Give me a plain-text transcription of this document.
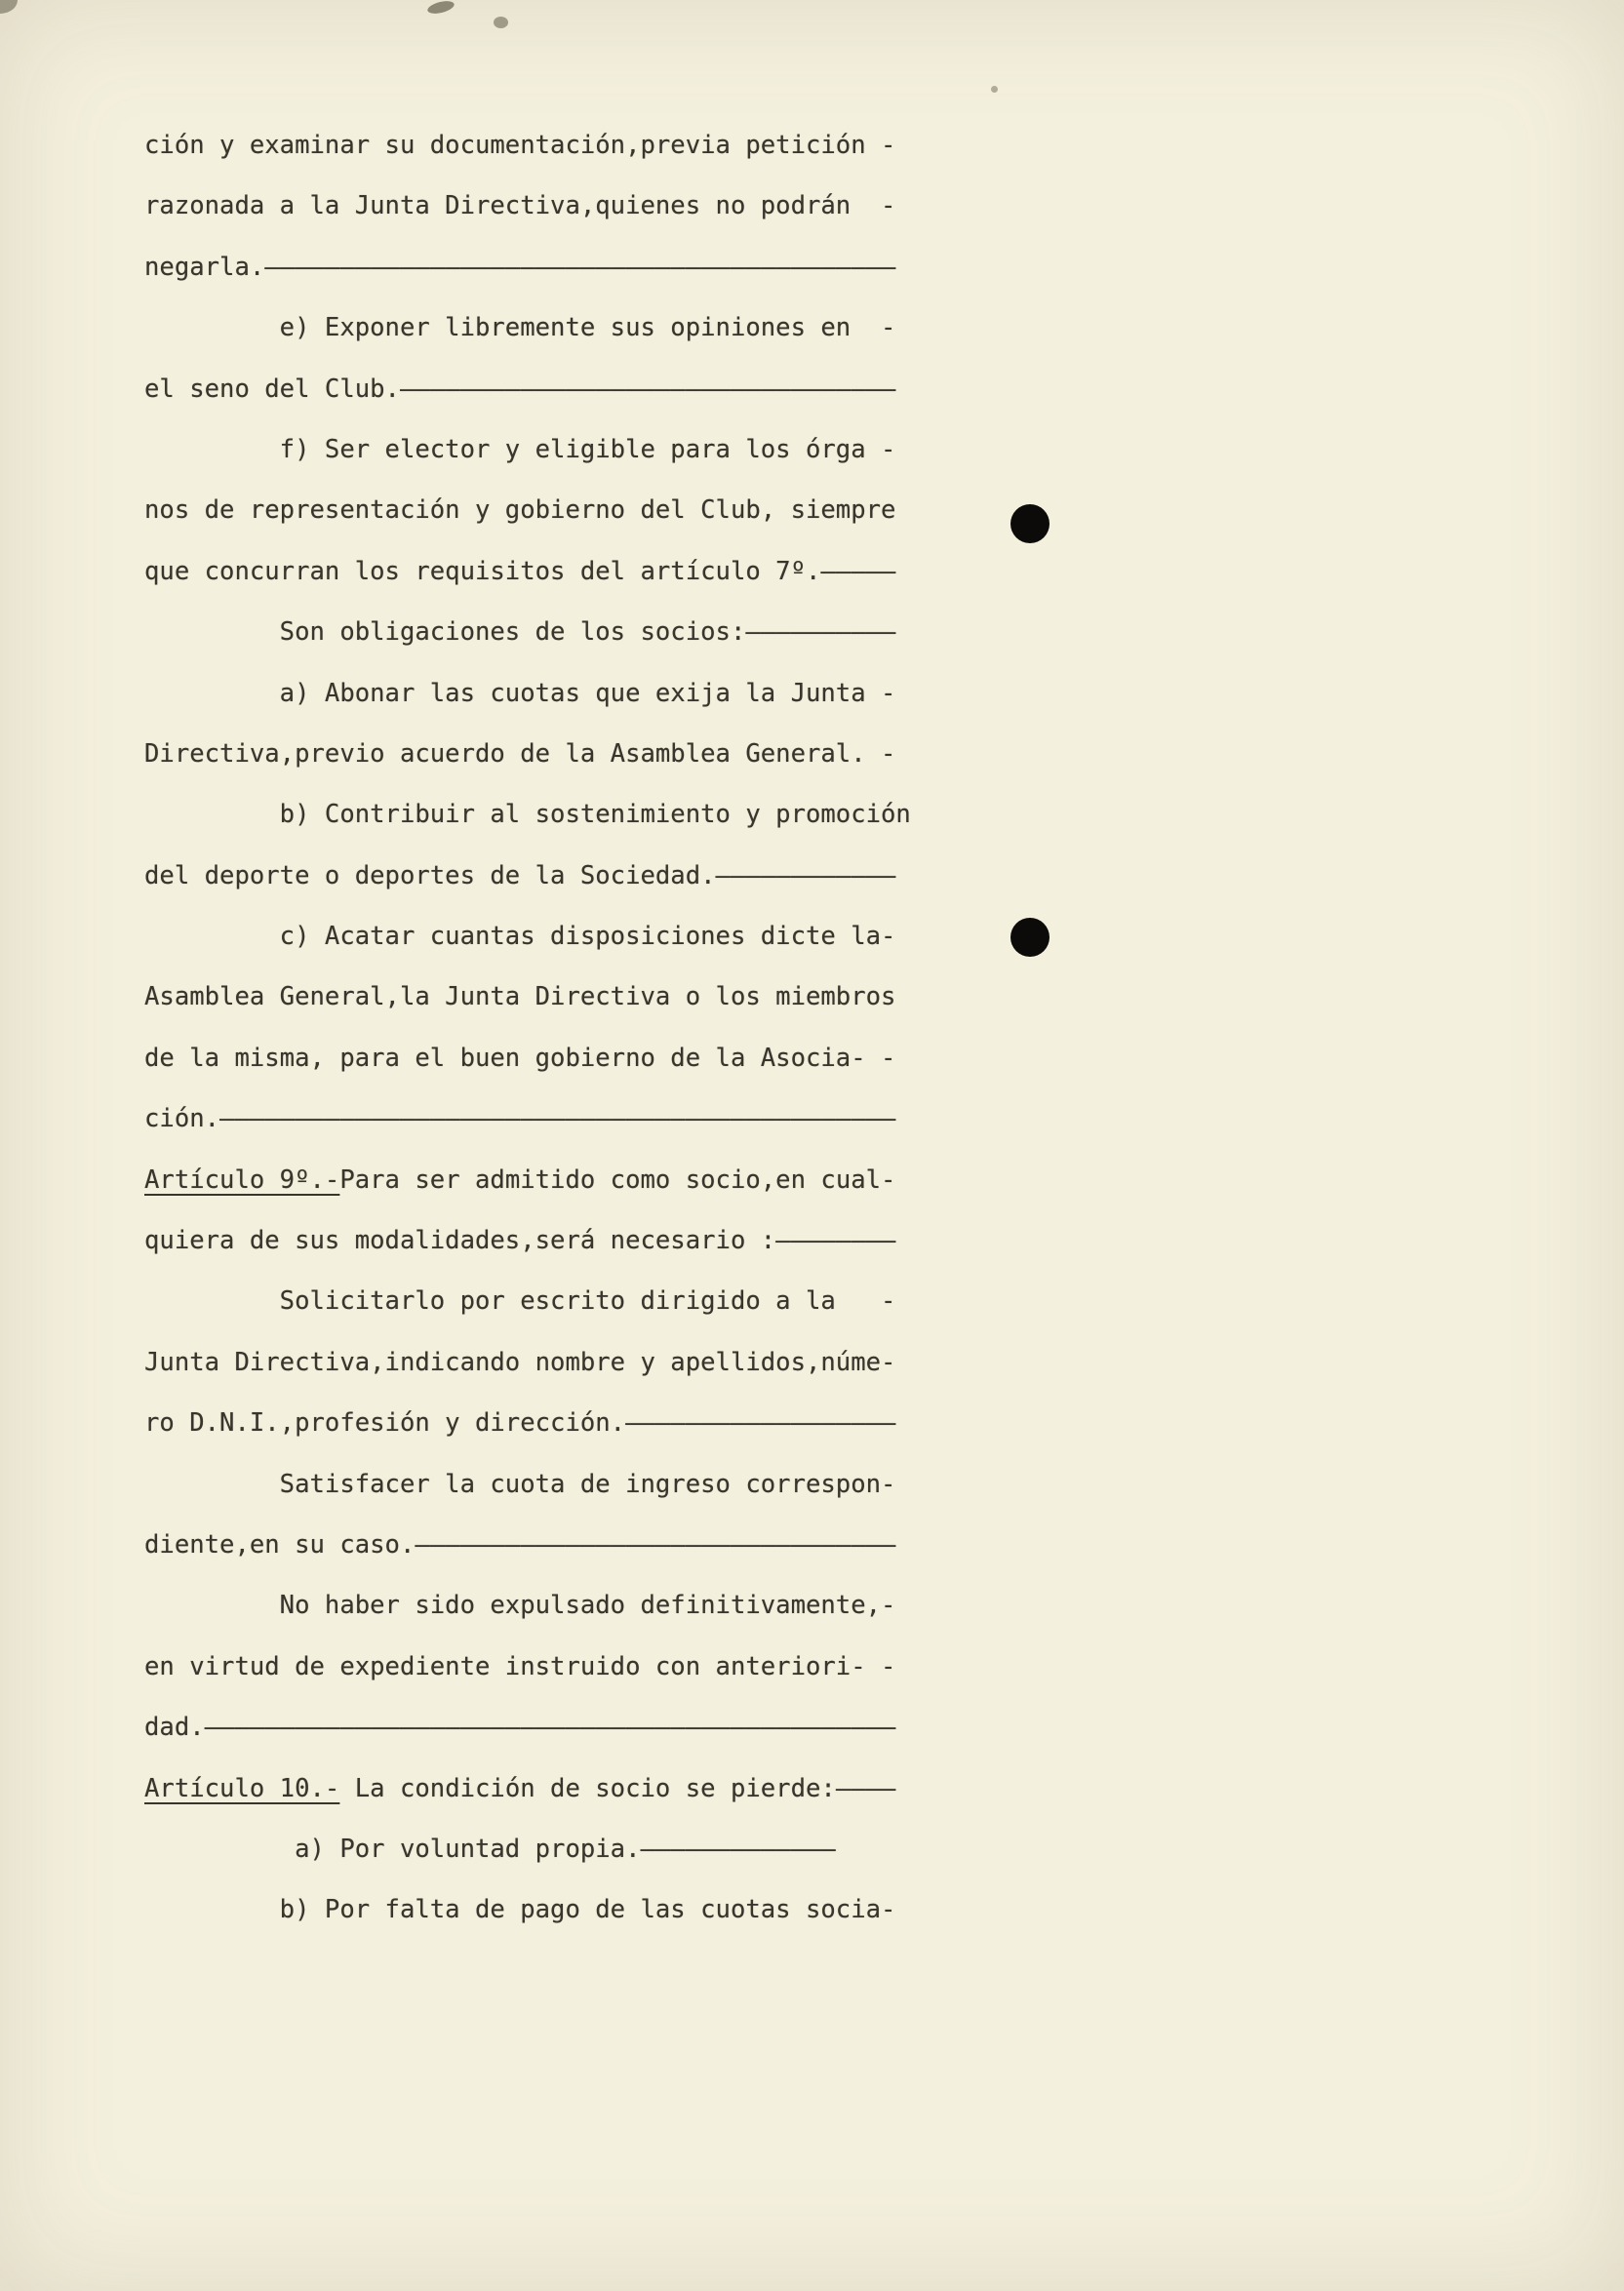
ción y examinar su documentación,previa petición -
razonada a la Junta Directiva,quienes no podrán  -
negarla.——————————————————————————————————————————
e) Exponer libremente sus opiniones en  -
el seno del Club.—————————————————————————————————
f) Ser elector y eligible para los órga -
nos de representación y gobierno del Club, siempre
que concurran los requisitos del artículo 7º.—————
Son obligaciones de los socios:——————————
a) Abonar las cuotas que exija la Junta -
Directiva,previo acuerdo de la Asamblea General. -
b) Contribuir al sostenimiento y promoción
del deporte o deportes de la Sociedad.————————————
c) Acatar cuantas disposiciones dicte la-
Asamblea General,la Junta Directiva o los miembros
de la misma, para el buen gobierno de la Asocia- -
ción.—————————————————————————————————————————————
Artículo 9º.-Para ser admitido como socio,en cual-
quiera de sus modalidades,será necesario :————————
Solicitarlo por escrito dirigido a la   -
Junta Directiva,indicando nombre y apellidos,núme-
ro D.N.I.,profesión y dirección.——————————————————
Satisfacer la cuota de ingreso correspon-
diente,en su caso.————————————————————————————————
No haber sido expulsado definitivamente,-
en virtud de expediente instruido con anteriori- -
dad.——————————————————————————————————————————————
Artículo 10.- La condición de socio se pierde:————
a) Por voluntad propia.—————————————
b) Por falta de pago de las cuotas socia-
